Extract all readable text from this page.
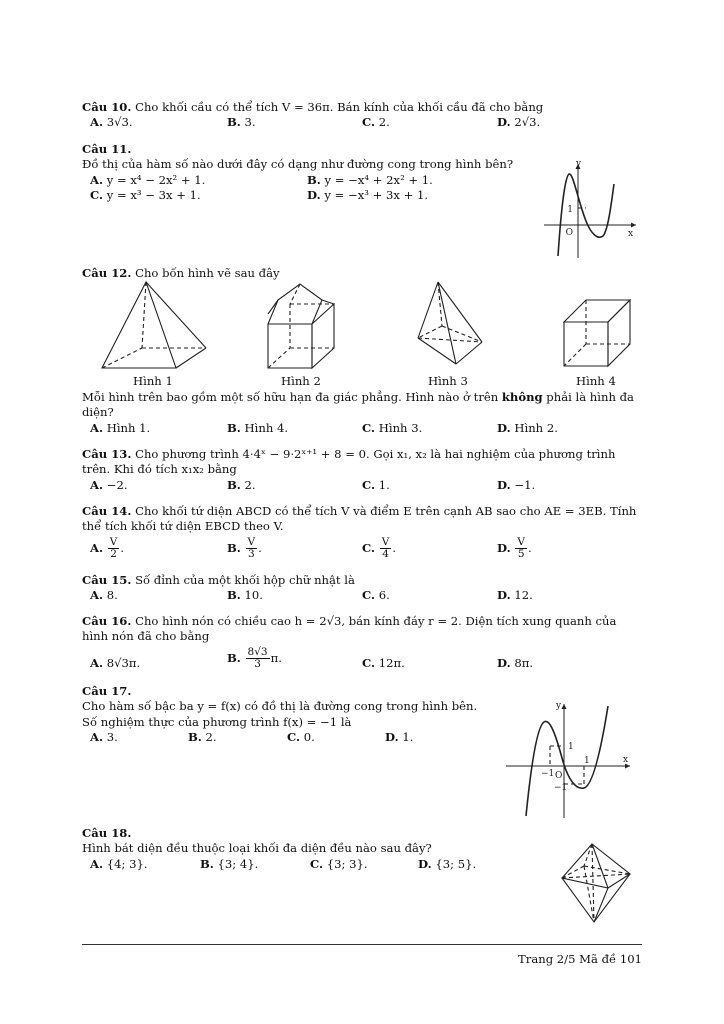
Câu 10. Cho khối cầu có thể tích V = 36π. Bán kính của khối cầu đã cho bằng
A. 3√3.	B. 3.	C. 2.	D. 2√3.
Câu 11.
Đồ thị của hàm số nào dưới đây có dạng như đường cong trong hình bên?
A. y = x⁴ − 2x² + 1.	B. y = −x⁴ + 2x² + 1.
C. y = x³ − 3x + 1.	D. y = −x³ + 3x + 1.
y
x
1
O
Câu 12. Cho bốn hình vẽ sau đây
Hình 1	Hình 2	Hình 3	Hình 4
Mỗi hình trên bao gồm một số hữu hạn đa giác phẳng. Hình nào ở trên không phải là hình đa diện?
A. Hình 1.	B. Hình 4.	C. Hình 3.	D. Hình 2.
Câu 13. Cho phương trình 4·4ˣ − 9·2ˣ⁺¹ + 8 = 0. Gọi x₁, x₂ là hai nghiệm của phương trình trên. Khi đó tích x₁x₂ bằng
A. −2.	B. 2.	C. 1.	D. −1.
Câu 14. Cho khối tứ diện ABCD có thể tích V và điểm E trên cạnh AB sao cho AE = 3EB. Tính thể tích khối tứ diện EBCD theo V.
A. $\frac{V}{2}$ .	B. $\frac{V}{3}$ .	C. $\frac{V}{4}$ .	D. $\frac{V}{5}$ .
Câu 15. Số đỉnh của một khối hộp chữ nhật là
A. 8.	B. 10.	C. 6.	D. 12.
Câu 16. Cho hình nón có chiều cao h = 2√3, bán kính đáy r = 2. Diện tích xung quanh của hình nón đã cho bằng
A. 8√3π.	B. $\frac{8√3}{3} \pi$.	C. 12π.	D. 8π.
Câu 17.
Cho hàm số bậc ba y = f(x) có đồ thị là đường cong trong hình bên.
Số nghiệm thực của phương trình f(x) = −1 là
A. 3.	B. 2.	C. 0.	D. 1.
y
x
1
1
−1
−1
O
Câu 18.
Hình bát diện đều thuộc loại khối đa diện đều nào sau đây?
A. {4; 3}.	B. {3; 4}.	C. {3; 3}.	D. {3; 5}.
Trang 2/5 Mã đề 101
